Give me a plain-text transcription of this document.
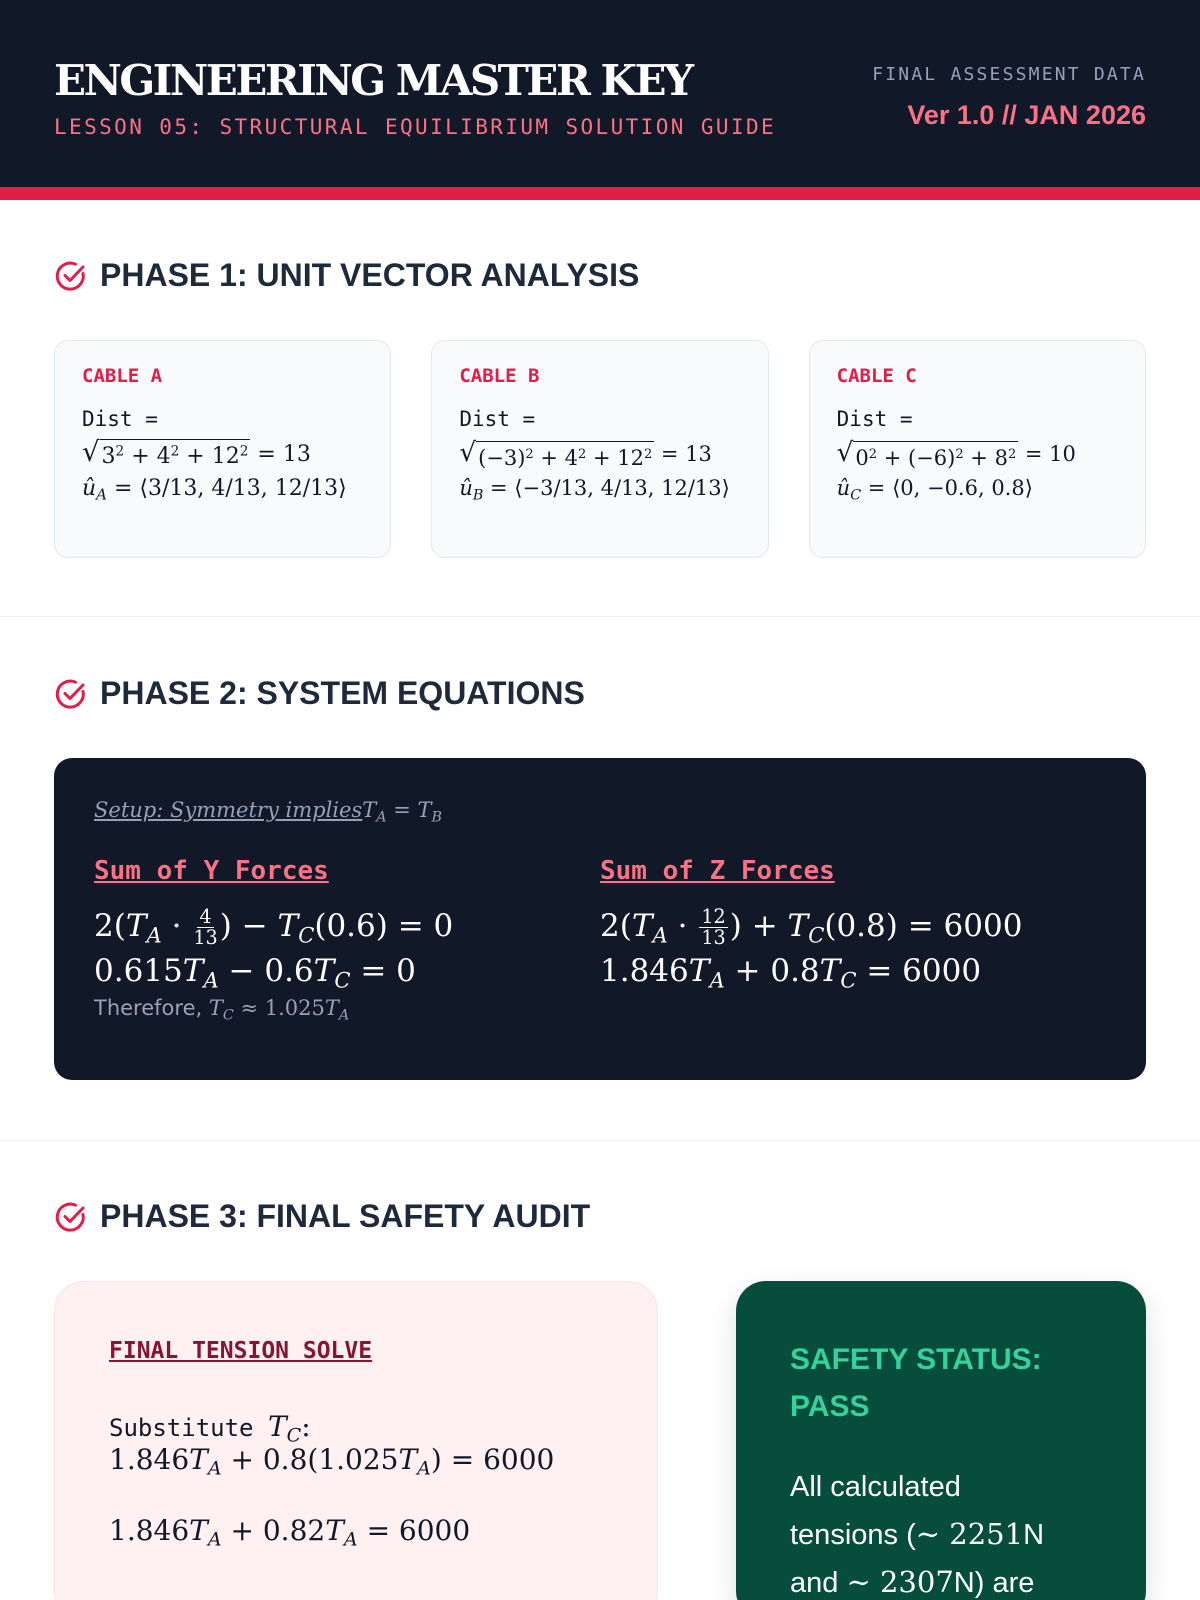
ENGINEERING MASTER KEY
LESSON 05: STRUCTURAL EQUILIBRIUM SOLUTION GUIDE
FINAL ASSESSMENT DATA
Ver 1.0 // JAN 2026
PHASE 1: UNIT VECTOR ANALYSIS
CABLE A
Dist =
√ $3^2 + 4^2 + 12^2 = 13$
$û_A$ = ⟨3/13, 4/13, 12/13⟩
CABLE B
Dist =
√ $(-3)^2 + 4^2 + 12^2 = 13$
$û_B$ = ⟨−3/13, 4/13, 12/13⟩
CABLE C
Dist =
√ $0^2 + (-6)^2 + 8^2 = 10$
$û_C$ = ⟨0, −0.6, 0.8⟩
PHASE 2: SYSTEM EQUATIONS
Setup: Symmetry impliesT$_A$ = $T_B$
Sum of Y Forces
$2(T_A \cdot \frac{4}{13}$ ) − $T_C(0.6) = 0$
$0.615T_A - 0.6T_C = 0$
Therefore, $T_C \approx 1.025T_A$
Sum of Z Forces
$2(T_A \cdot \frac{12}{13}$ ) + $T_C(0.8) = 6000$
$1.846T_A + 0.8T_C = 6000$
PHASE 3: FINAL SAFETY AUDIT
FINAL TENSION SOLVE
Substitute $T_C$:
$1.846T_A + 0.8(1.025T_A) = 6000$
$1.846T_A + 0.82T_A = 6000$
SAFETY STATUS:
PASS
All calculated
tensions (∼ 2251N
and ∼ 2307N) are
